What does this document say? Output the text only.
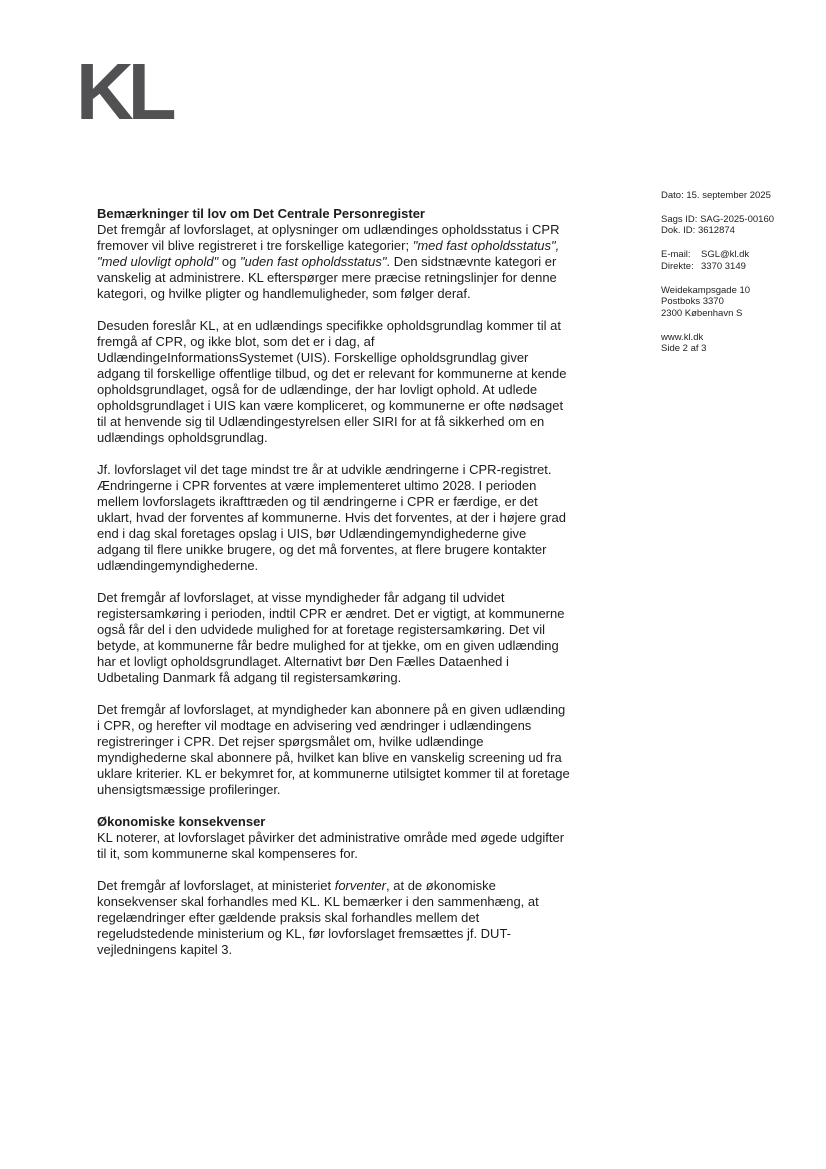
KL
Bemærkninger til lov om Det Centrale Personregister
Det fremgår af lovforslaget, at oplysninger om udlændinges opholdsstatus i CPR fremover vil blive registreret i tre forskellige kategorier; "med fast opholdsstatus", "med ulovligt ophold" og "uden fast opholdsstatus". Den sidstnævnte kategori er vanskelig at administrere. KL efterspørger mere præcise retningslinjer for denne kategori, og hvilke pligter og handlemuligheder, som følger deraf.
Desuden foreslår KL, at en udlændings specifikke opholdsgrundlag kommer til at fremgå af CPR, og ikke blot, som det er i dag, af UdlændingeInformationsSystemet (UIS). Forskellige opholdsgrundlag giver adgang til forskellige offentlige tilbud, og det er relevant for kommunerne at kende opholdsgrundlaget, også for de udlændinge, der har lovligt ophold. At udlede opholdsgrundlaget i UIS kan være kompliceret, og kommunerne er ofte nødsaget til at henvende sig til Udlændingestyrelsen eller SIRI for at få sikkerhed om en udlændings opholdsgrundlag.
Jf. lovforslaget vil det tage mindst tre år at udvikle ændringerne i CPR-registret. Ændringerne i CPR forventes at være implementeret ultimo 2028. I perioden mellem lovforslagets ikrafttræden og til ændringerne i CPR er færdige, er det uklart, hvad der forventes af kommunerne. Hvis det forventes, at der i højere grad end i dag skal foretages opslag i UIS, bør Udlændingemyndighederne give adgang til flere unikke brugere, og det må forventes, at flere brugere kontakter udlændingemyndighederne.
Det fremgår af lovforslaget, at visse myndigheder får adgang til udvidet registersamkøring i perioden, indtil CPR er ændret. Det er vigtigt, at kommunerne også får del i den udvidede mulighed for at foretage registersamkøring. Det vil betyde, at kommunerne får bedre mulighed for at tjekke, om en given udlænding har et lovligt opholdsgrundlaget. Alternativt bør Den Fælles Dataenhed i Udbetaling Danmark få adgang til registersamkøring.
Det fremgår af lovforslaget, at myndigheder kan abonnere på en given udlænding i CPR, og herefter vil modtage en advisering ved ændringer i udlændingens registreringer i CPR. Det rejser spørgsmålet om, hvilke udlændinge myndighederne skal abonnere på, hvilket kan blive en vanskelig screening ud fra uklare kriterier. KL er bekymret for, at kommunerne utilsigtet kommer til at foretage uhensigtsmæssige profileringer.
Økonomiske konsekvenser
KL noterer, at lovforslaget påvirker det administrative område med øgede udgifter til it, som kommunerne skal kompenseres for.
Det fremgår af lovforslaget, at ministeriet forventer, at de økonomiske konsekvenser skal forhandles med KL. KL bemærker i den sammenhæng, at regelændringer efter gældende praksis skal forhandles mellem det regeludstedende ministerium og KL, før lovforslaget fremsættes jf. DUT-vejledningens kapitel 3.
Dato: 15. september 2025
Sags ID: SAG-2025-00160
Dok. ID: 3612874
E-mail: SGL@kl.dk
Direkte: 3370 3149
Weidekampsgade 10
Postboks 3370
2300 København S
www.kl.dk
Side 2 af 3
